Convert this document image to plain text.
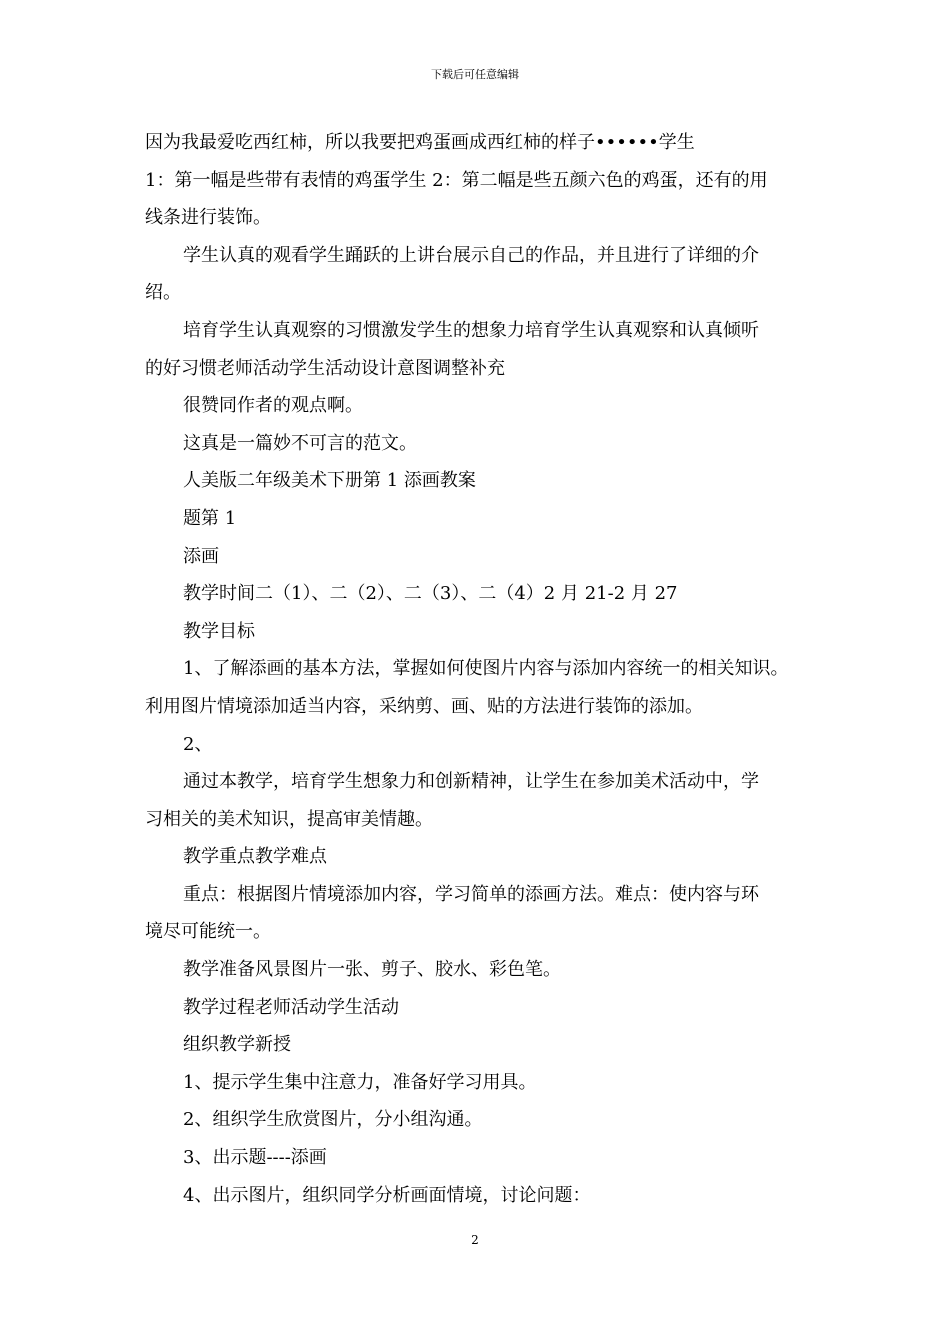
下载后可任意编辑

因为我最爱吃西红柿，所以我要把鸡蛋画成西红柿的样子••••••学生

1：第一幅是些带有表情的鸡蛋学生 2：第二幅是些五颜六色的鸡蛋，还有的用

线条进行装饰。

学生认真的观看学生踊跃的上讲台展示自己的作品，并且进行了详细的介

绍。

培育学生认真观察的习惯激发学生的想象力培育学生认真观察和认真倾听

的好习惯老师活动学生活动设计意图调整补充

很赞同作者的观点啊。

这真是一篇妙不可言的范文。

人美版二年级美术下册第 1 添画教案

题第 1

添画

教学时间二（1）、二（2）、二（3）、二（4）2 月 21-2 月 27

教学目标

1、了解添画的基本方法，掌握如何使图片内容与添加内容统一的相关知识。

利用图片情境添加适当内容，采纳剪、画、贴的方法进行装饰的添加。

2、

通过本教学，培育学生想象力和创新精神，让学生在参加美术活动中，学

习相关的美术知识，提高审美情趣。

教学重点教学难点

重点：根据图片情境添加内容，学习简单的添画方法。难点：使内容与环

境尽可能统一。

教学准备风景图片一张、剪子、胶水、彩色笔。

教学过程老师活动学生活动

组织教学新授

1、提示学生集中注意力，准备好学习用具。

2、组织学生欣赏图片，分小组沟通。

3、出示题----添画

4、出示图片，组织同学分析画面情境，讨论问题：

2
